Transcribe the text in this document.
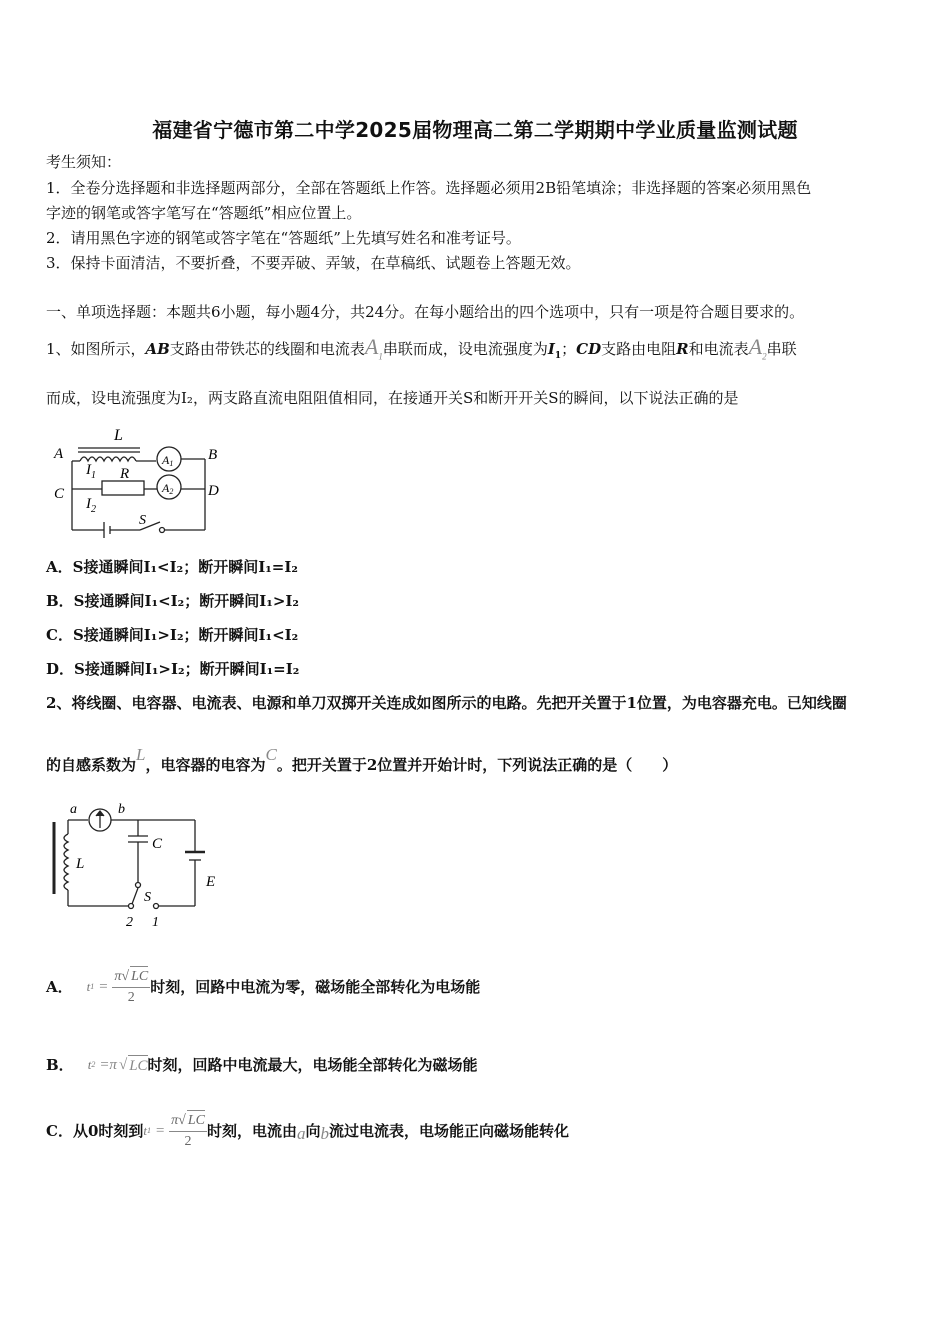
福建省宁德市第二中学2025届物理高二第二学期期中学业质量监测试题
考生须知：
1．全卷分选择题和非选择题两部分，全部在答题纸上作答。选择题必须用2B铅笔填涂；非选择题的答案必须用黑色
字迹的钢笔或答字笔写在“答题纸”相应位置上。
2．请用黑色字迹的钢笔或答字笔在“答题纸”上先填写姓名和准考证号。
3．保持卡面清洁，不要折叠，不要弄破、弄皱，在草稿纸、试题卷上答题无效。
一、单项选择题：本题共6小题，每小题4分，共24分。在每小题给出的四个选项中，只有一项是符合题目要求的。
1、如图所示，AB支路由带铁芯的线圈和电流表$A_1$串联而成，设电流强度为$I_1$；CD支路由电阻R和电流表$A_2$串联
而成，设电流强度为I₂，两支路直流电阻阻值相同，在接通开关S和断开开关S的瞬间，以下说法正确的是
A	B
C	D
L
R
$I_1$
$I_2$
S
A1
A2
A．S接通瞬间I₁<I₂；断开瞬间I₁=I₂
B．S接通瞬间I₁<I₂；断开瞬间I₁>I₂
C．S接通瞬间I₁>I₂；断开瞬间I₁<I₂
D．S接通瞬间I₁>I₂；断开瞬间I₁=I₂
2、将线圈、电容器、电流表、电源和单刀双掷开关连成如图所示的电路。先把开关置于1位置，为电容器充电。已知线圈
的自感系数为L，电容器的电容为C。把开关置于2位置并开始计时，下列说法正确的是（　　）
a	b
C
L
S
E
2 1
A． t $1 = \frac{\pi√ LC}{2}$ 时刻，回路中电流为零，磁场能全部转化为电场能
B． t 2 =π √ LC 时刻，回路中电流最大，电场能全部转化为磁场能
C． 从0时刻到 t $1 = \frac{\pi√ LC}{2}$ 时刻，电流由 a 向 b 流过电流表，电场能正向磁场能转化
